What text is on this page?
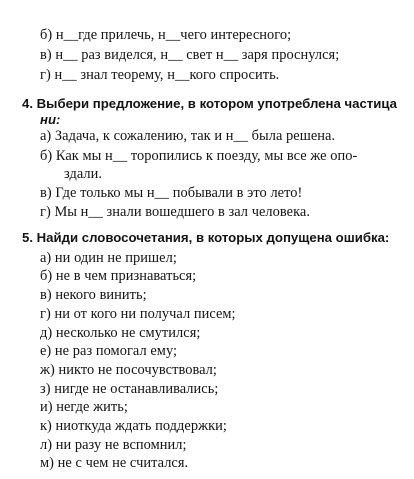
б) н__где прилечь, н__чего интересного;
в) н__ раз виделся, н__ свет н__ заря проснулся;
г) н__ знал теорему, н__кого спросить.
4. Выбери предложение, в котором употреблена частица
ни:
а) Задача, к сожалению, так и н__ была решена.
б) Как мы н__ торопились к поезду, мы все же опо-
здали.
в) Где только мы н__ побывали в это лето!
г) Мы н__ знали вошедшего в зал человека.
5. Найди словосочетания, в которых допущена ошибка:
а) ни один не пришел;
б) не в чем признаваться;
в) некого винить;
г) ни от кого ни получал писем;
д) несколько не смутился;
е) не раз помогал ему;
ж) никто не посочувствовал;
з) нигде не останавливались;
и) негде жить;
к) ниоткуда ждать поддержки;
л) ни разу не вспомнил;
м) не с чем не считался.
